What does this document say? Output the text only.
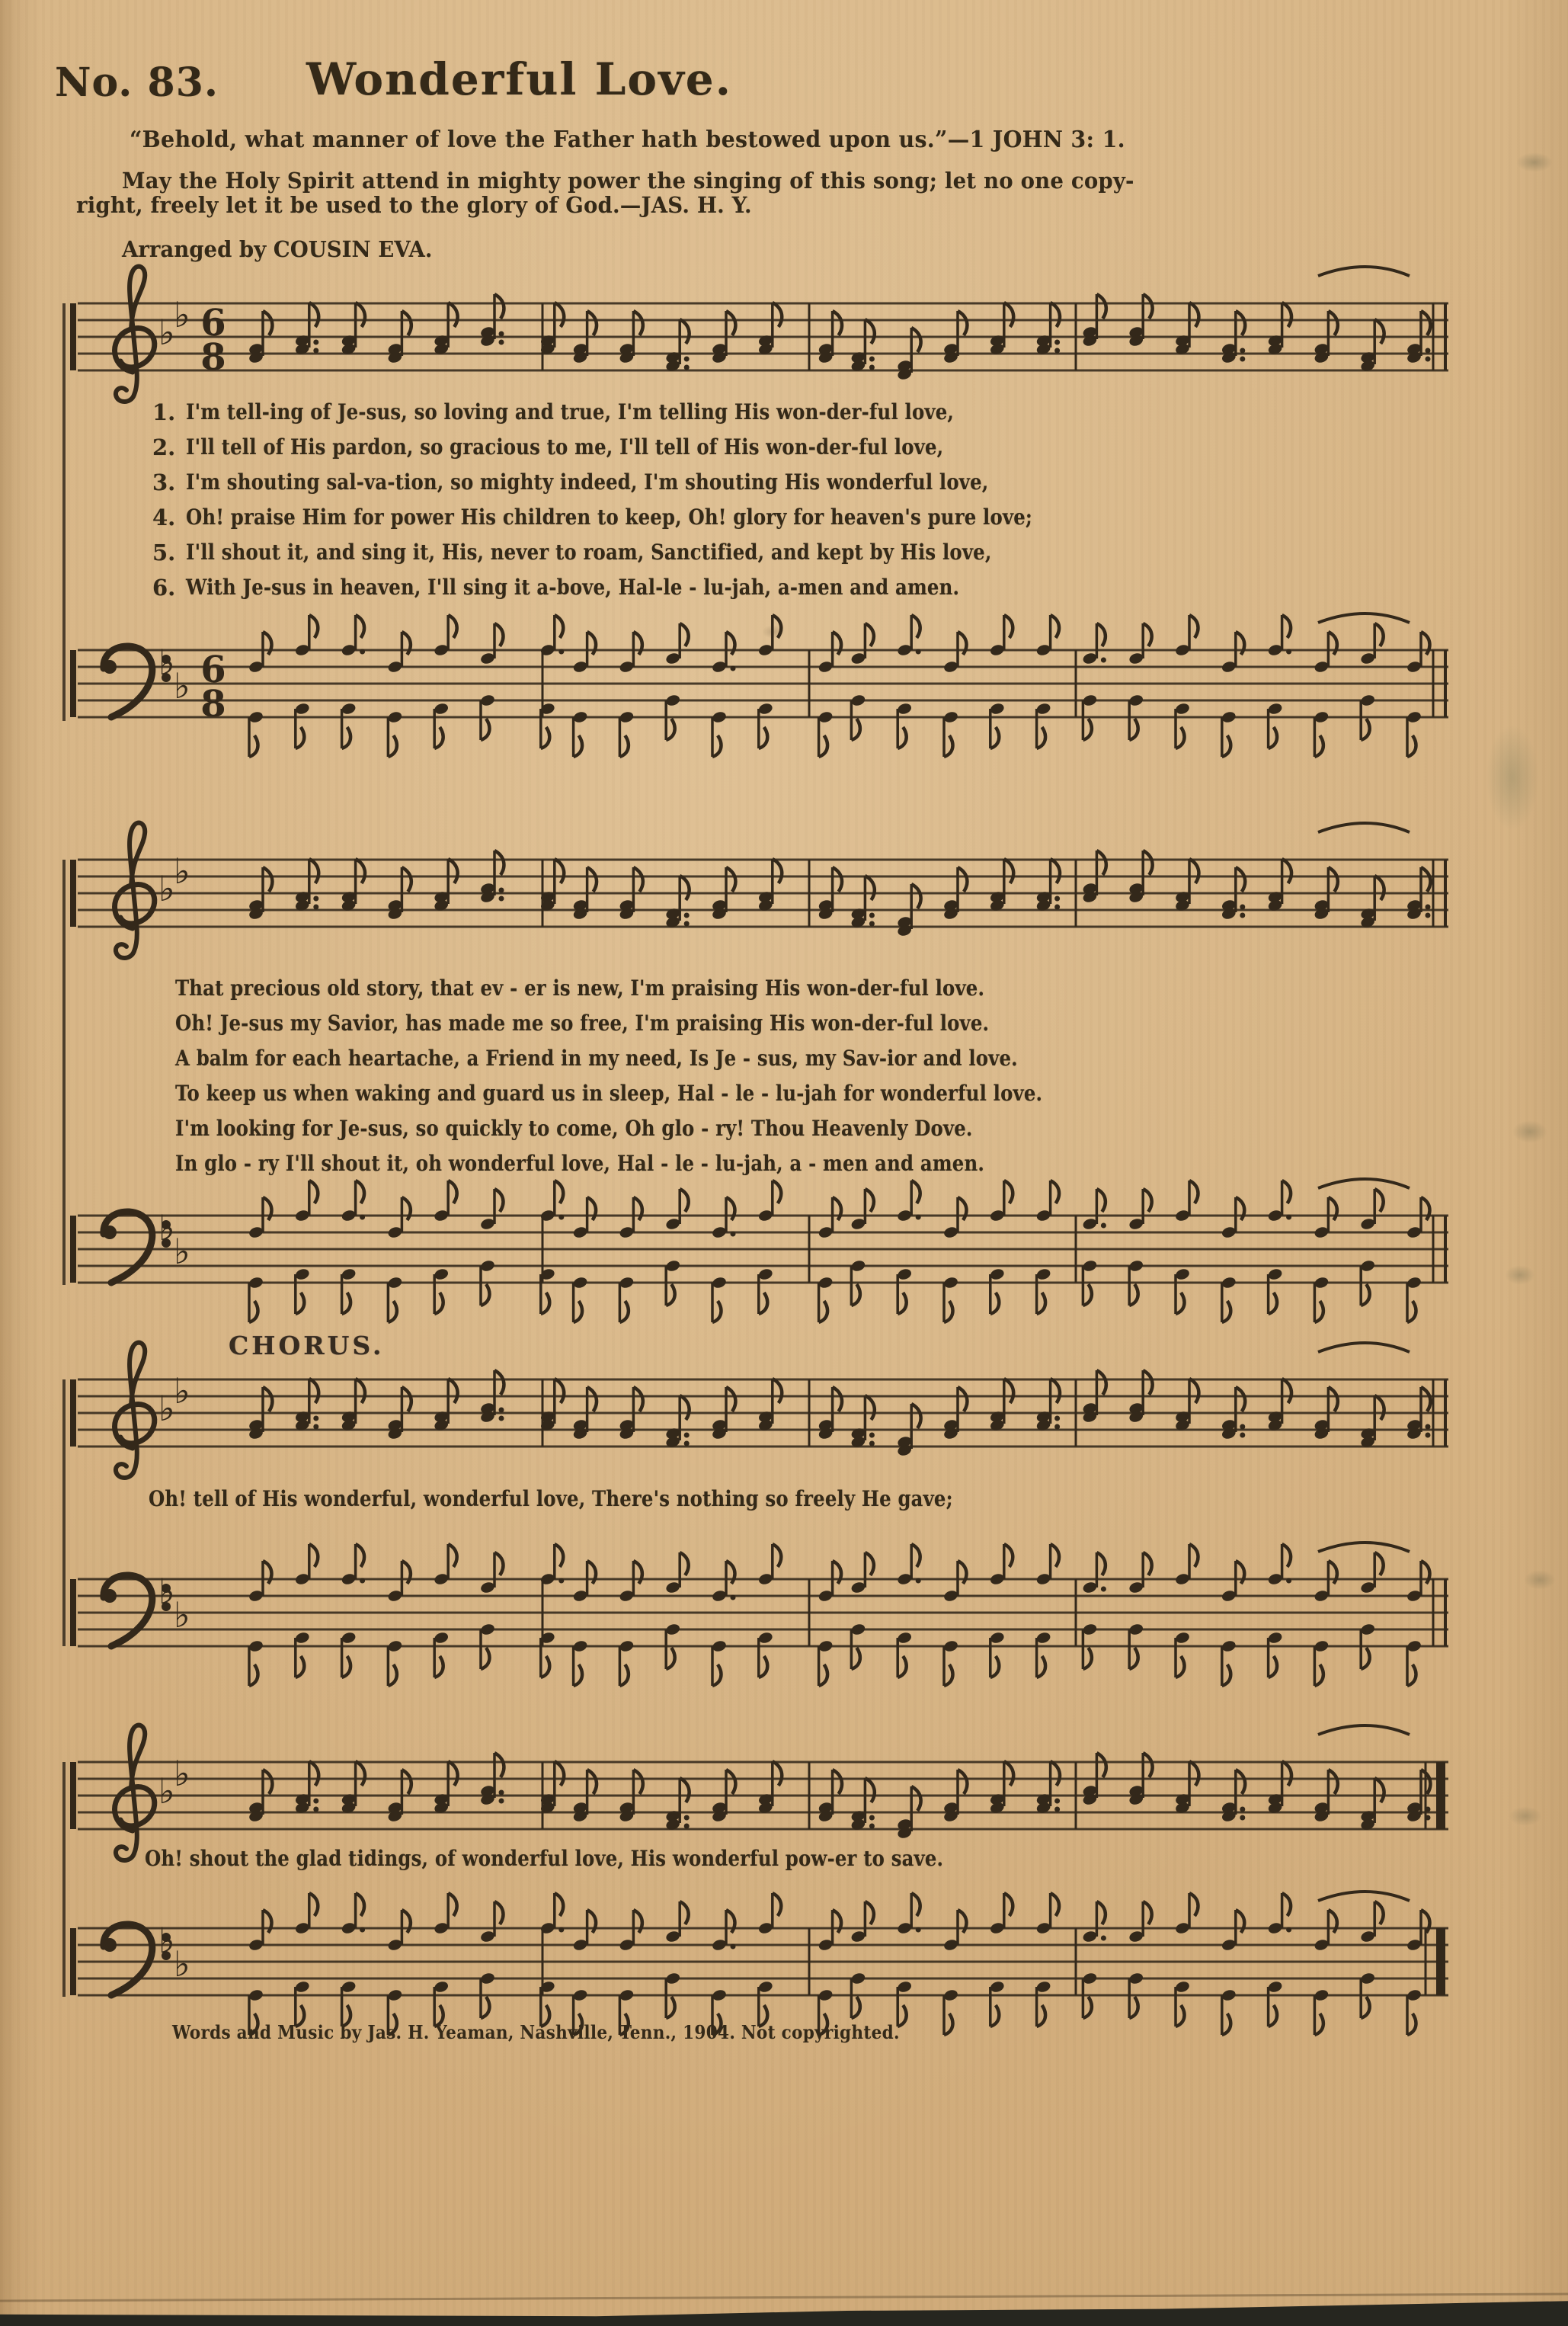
No. 83. Wonderful Love.
“Behold, what manner of love the Father hath bestowed upon us.”—1 JOHN 3: 1.
May the Holy Spirit attend in mighty power the singing of this song; let no one copy-
right, freely let it be used to the glory of God.—JAS. H. Y.
Arranged by COUSIN EVA.
♭
♭ 6
8
♭
♭ 6
8
♭
♭
♭
♭
♭
♭
♭
♭
♭
♭
♭
♭
1. I'm tell-ing of Je-sus, so loving and true, I'm telling His won-der-ful love,
2. I'll tell of His pardon, so gracious to me, I'll tell of His won-der-ful love,
3. I'm shouting sal-va-tion, so mighty indeed, I'm shouting His wonderful love,
4. Oh! praise Him for power His children to keep, Oh! glory for heaven's pure love;
5. I'll shout it, and sing it, His, never to roam, Sanctified, and kept by His love,
6. With Je-sus in heaven, I'll sing it a-bove, Hal-le - lu-jah, a-men and amen.
That precious old story, that ev - er is new, I'm praising His won-der-ful love.
Oh! Je-sus my Savior, has made me so free, I'm praising His won-der-ful love.
A balm for each heartache, a Friend in my need, Is Je - sus, my Sav-ior and love.
To keep us when waking and guard us in sleep, Hal - le - lu-jah for wonderful love.
I'm looking for Je-sus, so quickly to come, Oh glo - ry! Thou Heavenly Dove.
In glo - ry I'll shout it, oh wonderful love, Hal - le - lu-jah, a - men and amen.
CHORUS.
Oh! tell of His wonderful, wonderful love, There's nothing so freely He gave;
Oh! shout the glad tidings, of wonderful love, His wonderful pow-er to save.
Words and Music by Jas. H. Yeaman, Nashville, Tenn., 1904. Not copyrighted.
